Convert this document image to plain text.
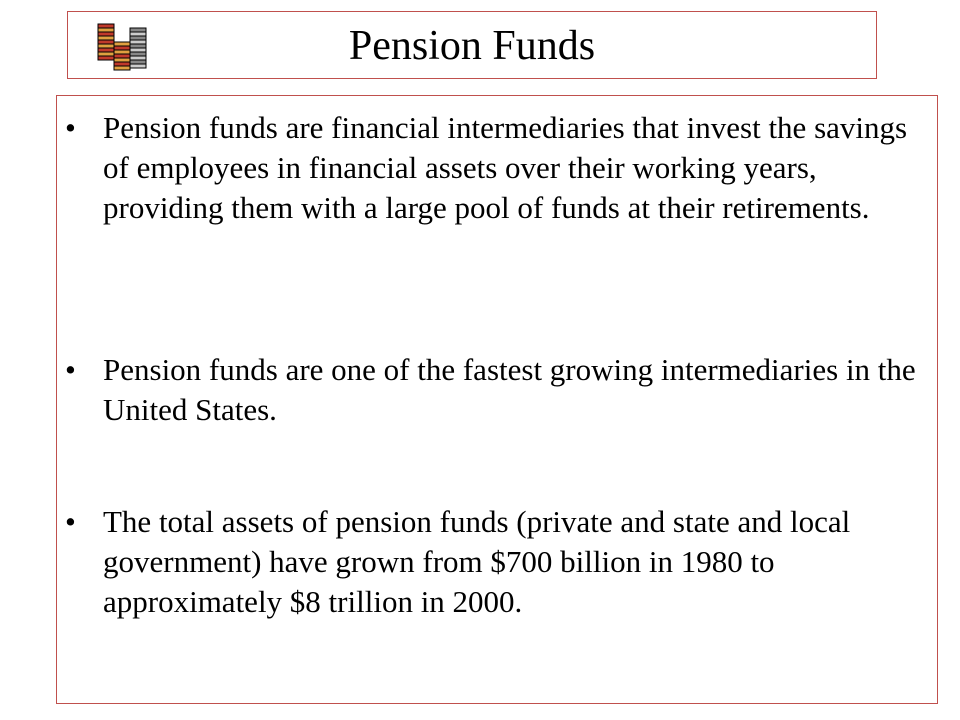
Pension Funds
• Pension funds are financial intermediaries that invest the savings of employees in financial assets over their working years, providing them with a large pool of funds at their retirements.
• Pension funds are one of the fastest growing intermediaries in the United States.
• The total assets of pension funds (private and state and local government) have grown from $700 billion in 1980 to approximately $8 trillion in 2000.
